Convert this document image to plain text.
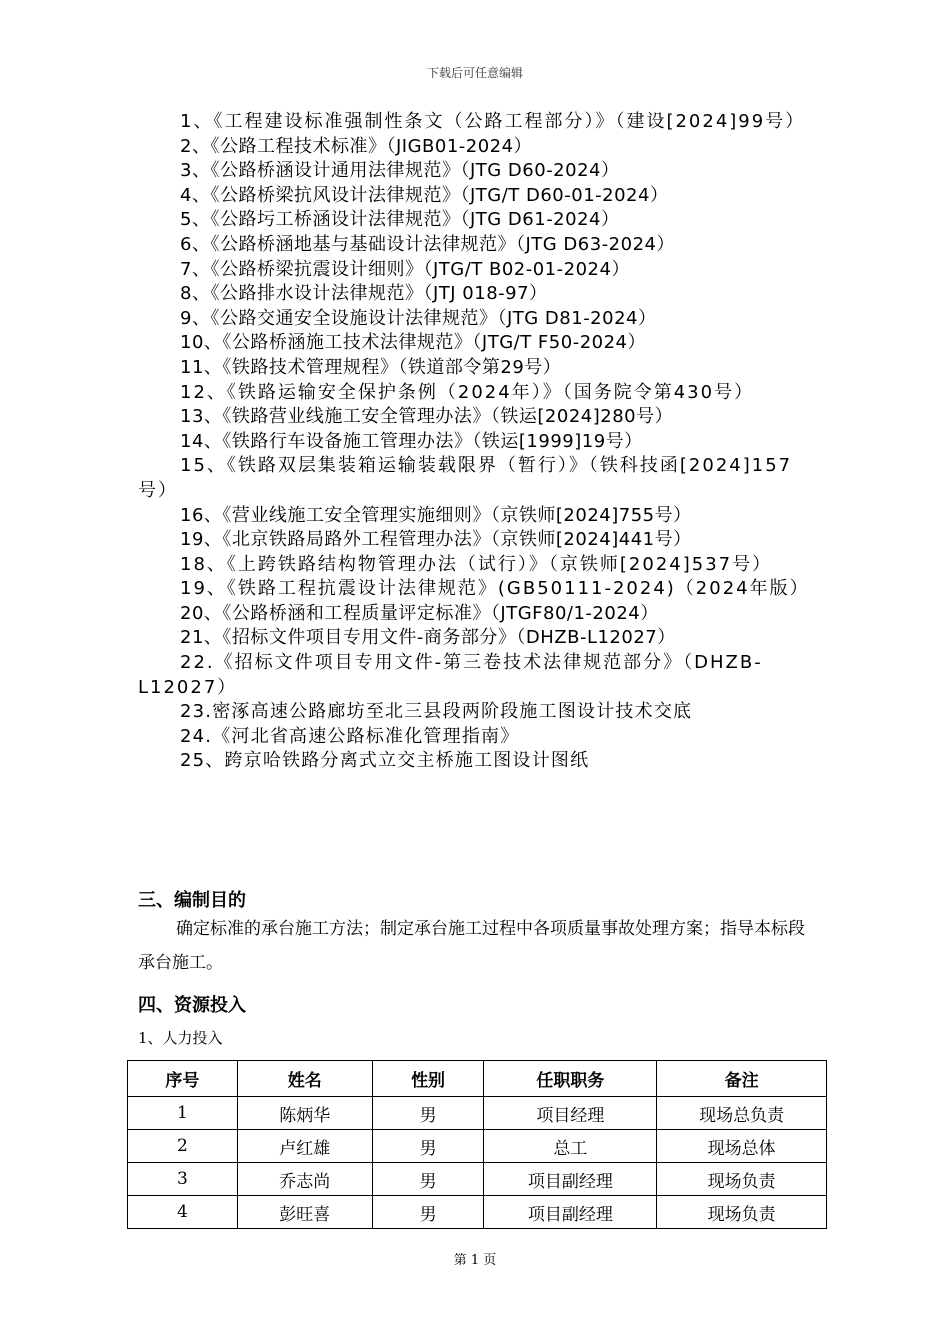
下载后可任意编辑

1、《工程建设标准强制性条文（公路工程部分）》（建设[2024]99号）

2、《公路工程技术标准》（JIGB01-2024）

3、《公路桥涵设计通用法律规范》（JTG D60-2024）

4、《公路桥梁抗风设计法律规范》（JTG/T D60-01-2024）

5、《公路圬工桥涵设计法律规范》（JTG D61-2024）

6、《公路桥涵地基与基础设计法律规范》（JTG D63-2024）

7、《公路桥梁抗震设计细则》（JTG/T B02-01-2024）

8、《公路排水设计法律规范》（JTJ 018-97）

9、《公路交通安全设施设计法律规范》（JTG D81-2024）

10、《公路桥涵施工技术法律规范》（JTG/T F50-2024）

11、《铁路技术管理规程》（铁道部令第29号）

12、《铁路运输安全保护条例（2024年）》（国务院令第430号）

13、《铁路营业线施工安全管理办法》（铁运[2024]280号）

14、《铁路行车设备施工管理办法》（铁运[1999]19号）

15、《铁路双层集装箱运输装载限界（暂行）》（铁科技函[2024]157号）

16、《营业线施工安全管理实施细则》（京铁师[2024]755号）

19、《北京铁路局路外工程管理办法》（京铁师[2024]441号）

18、《上跨铁路结构物管理办法（试行）》（京铁师[2024]537号）

19、《铁路工程抗震设计法律规范》(GB50111-2024)（2024年版）

20、《公路桥涵和工程质量评定标准》（JTGF80/1-2024）

21、《招标文件项目专用文件-商务部分》（DHZB-L12027）

22.《招标文件项目专用文件-第三卷技术法律规范部分》（DHZB-L12027）

23.密涿高速公路廊坊至北三县段两阶段施工图设计技术交底

24.《河北省高速公路标准化管理指南》

25、跨京哈铁路分离式立交主桥施工图设计图纸

三、编制目的

确定标准的承台施工方法；制定承台施工过程中各项质量事故处理方案；指导本标段承台施工。

四、资源投入
1、人力投入
序号	姓名	性别	任职职务	备注
1	陈炳华	男	项目经理	现场总负责
2	卢红雄	男	总工	现场总体
3	乔志尚	男	项目副经理	现场负责
4	彭旺喜	男	项目副经理	现场负责
第 1 页
